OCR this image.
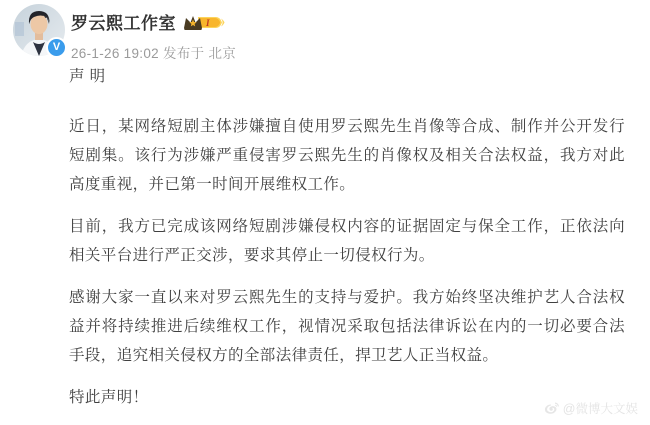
V
罗云熙工作室	I
26-1-26 19:02 发布于 北京

声 明

近日，某网络短剧主体涉嫌擅自使用罗云熙先生肖像等合成、制作并公开发行短剧集。该行为涉嫌严重侵害罗云熙先生的肖像权及相关合法权益，我方对此高度重视，并已第一时间开展维权工作。

目前，我方已完成该网络短剧涉嫌侵权内容的证据固定与保全工作，正依法向相关平台进行严正交涉，要求其停止一切侵权行为。

感谢大家一直以来对罗云熙先生的支持与爱护。我方始终坚决维护艺人合法权益并将持续推进后续维权工作，视情况采取包括法律诉讼在内的一切必要合法手段，追究相关侵权方的全部法律责任，捍卫艺人正当权益。

特此声明！

@微博大文娱
